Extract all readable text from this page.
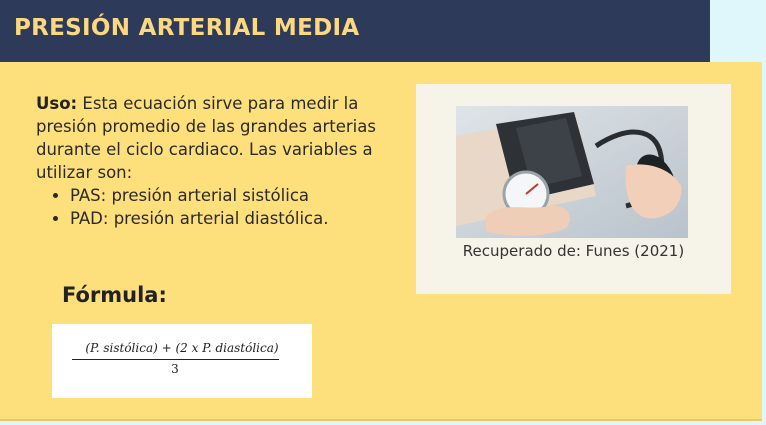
PRESIÓN ARTERIAL MEDIA
Uso: Esta ecuación sirve para medir la presión promedio de las grandes arterias durante el ciclo cardiaco. Las variables a utilizar son:
• PAS: presión arterial sistólica
• PAD: presión arterial diastólica.
Fórmula:
(P. sistólica) + (2 x P. diastólica)
3
Recuperado de: Funes (2021)
